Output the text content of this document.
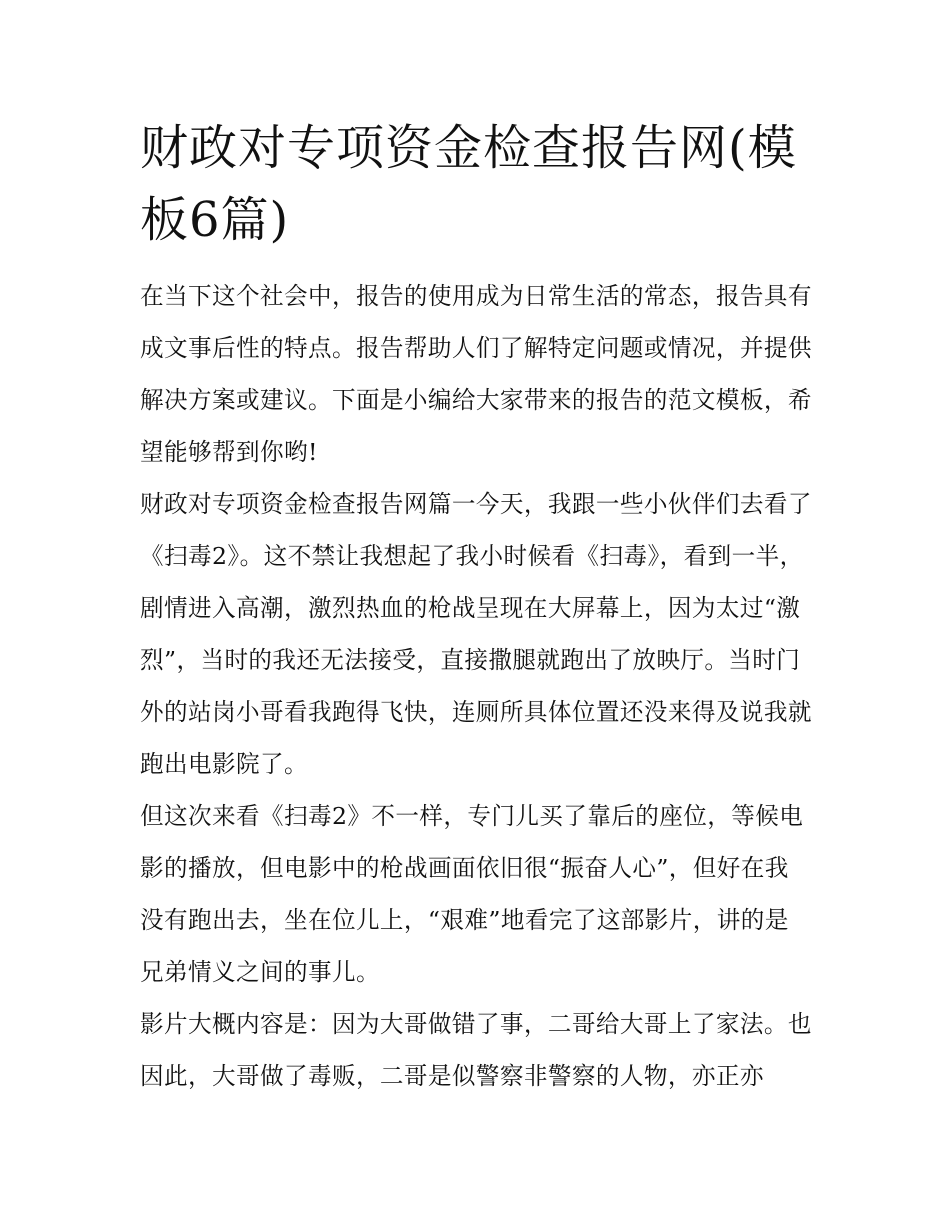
财政对专项资金检查报告网(模板6篇)

在当下这个社会中，报告的使用成为日常生活的常态，报告具有成文事后性的特点。报告帮助人们了解特定问题或情况，并提供解决方案或建议。下面是小编给大家带来的报告的范文模板，希望能够帮到你哟!

财政对专项资金检查报告网篇一今天，我跟一些小伙伴们去看了《扫毒2》。这不禁让我想起了我小时候看《扫毒》，看到一半，剧情进入高潮，激烈热血的枪战呈现在大屏幕上，因为太过“激烈”，当时的我还无法接受，直接撒腿就跑出了放映厅。当时门外的站岗小哥看我跑得飞快，连厕所具体位置还没来得及说我就跑出电影院了。

但这次来看《扫毒2》不一样，专门儿买了靠后的座位，等候电影的播放，但电影中的枪战画面依旧很“振奋人心”，但好在我没有跑出去，坐在位儿上，“艰难”地看完了这部影片，讲的是兄弟情义之间的事儿。

影片大概内容是：因为大哥做错了事，二哥给大哥上了家法。也因此，大哥做了毒贩，二哥是似警察非警察的人物，亦正亦
